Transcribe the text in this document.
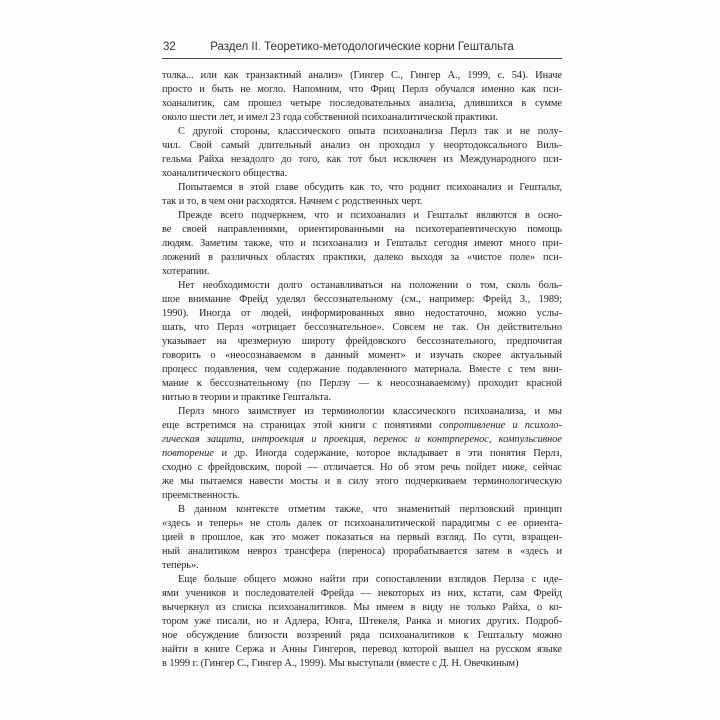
32	Раздел II. Теоретико-методологические корни Гештальта
толка... или как транзактный анализ» (Гингер С., Гингер А., 1999, с. 54). Иначе
просто и быть не могло. Напомним, что Фриц Перлз обучался именно как пси-
хоаналитик, сам прошел четыре последовательных анализа, длившихся в сумме
около шести лет, и имел 23 года собственной психоаналитической практики.
С другой стороны, классического опыта психоанализа Перлз так и не полу-
чил. Свой самый длительный анализ он проходил у неортодоксального Виль-
гельма Райха незадолго до того, как тот был исключен из Международного пси-
хоаналитического общества.
Попытаемся в этой главе обсудить как то, что роднит психоанализ и Гештальт,
так и то, в чем они расходятся. Начнем с родственных черт.
Прежде всего подчеркнем, что и психоанализ и Гештальт являются в осно-
ве своей направлениями, ориентированными на психотерапевтическую помощь
людям. Заметим также, что и психоанализ и Гештальт сегодня имеют много при-
ложений в различных областях практики, далеко выходя за «чистое поле» пси-
хотерапии.
Нет необходимости долго останавливаться на положении о том, сколь боль-
шое внимание Фрейд уделял бессознательному (см., например: Фрейд З., 1989;
1990). Иногда от людей, информированных явно недостаточно, можно услы-
шать, что Перлз «отрицает бессознательное». Совсем не так. Он действительно
указывает на чрезмерную широту фрейдовского бессознательного, предпочитая
говорить о «неосознаваемом в данный момент» и изучать скорее актуальный
процесс подавления, чем содержание подавленного материала. Вместе с тем вни-
мание к бессознательному (по Перлзу — к неосознаваемому) проходит красной
нитью в теории и практике Гештальта.
Перлз много заимствует из терминологии классического психоанализа, и мы
еще встретимся на страницах этой книги с понятиями сопротивление и психоло-
гическая защита, интроекция и проекция, перенос и контрперенос, компульсивное
повторение и др. Иногда содержание, которое вкладывает в эти понятия Перлз,
сходно с фрейдовским, порой — отличается. Но об этом речь пойдет ниже, сейчас
же мы пытаемся навести мосты и в силу этого подчеркиваем терминологическую
преемственность.
В данном контексте отметим также, что знаменитый перлзовский принцип
«здесь и теперь» не столь далек от психоаналитической парадигмы с ее ориента-
цией в прошлое, как это может показаться на первый взгляд. По сути, взращен-
ный аналитиком невроз трансфера (переноса) прорабатывается затем в «здесь и
теперь».
Еще больше общего можно найти при сопоставлении взглядов Перлза с иде-
ями учеников и последователей Фрейда — некоторых из них, кстати, сам Фрейд
вычеркнул из списка психоаналитиков. Мы имеем в виду не только Райха, о ко-
тором уже писали, но и Адлера, Юнга, Штекеля, Ранка и многих других. Подроб-
ное обсуждение близости воззрений ряда психоаналитиков к Гештальту можно
найти в книге Сержа и Анны Гингеров, перевод которой вышел на русском языке
в 1999 г. (Гингер С., Гингер А., 1999). Мы выступали (вместе с Д. Н. Овечкиным)
